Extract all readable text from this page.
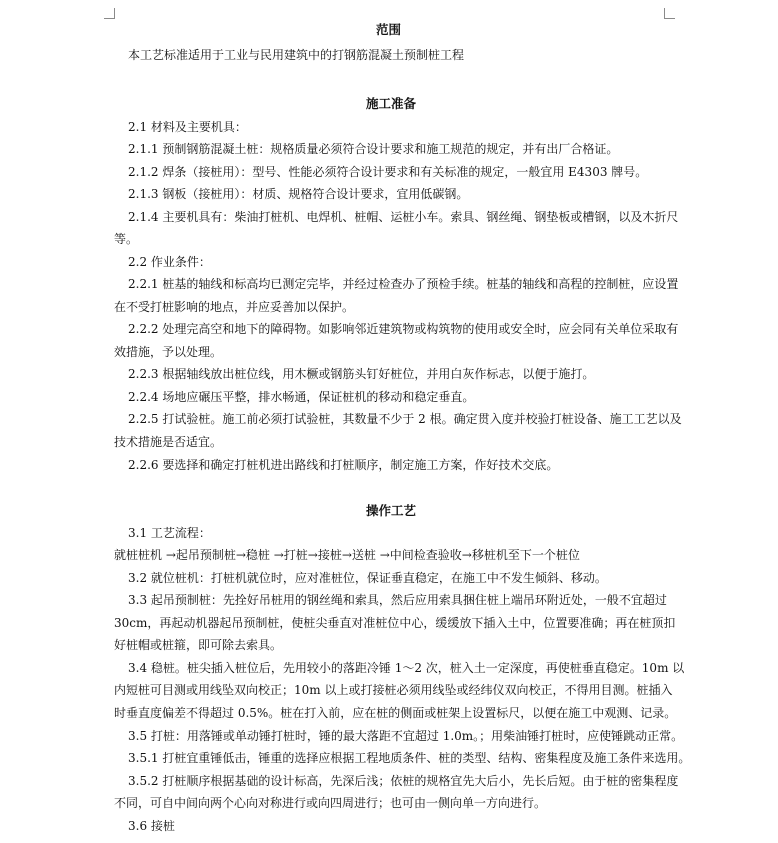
范围
本工艺标准适用于工业与民用建筑中的打钢筋混凝土预制桩工程
施工准备
2.1 材料及主要机具：
2.1.1 预制钢筋混凝土桩：规格质量必须符合设计要求和施工规范的规定，并有出厂合格证。
2.1.2 焊条（接桩用）：型号、性能必须符合设计要求和有关标准的规定，一般宜用 E4303 牌号。
2.1.3 钢板（接桩用）：材质、规格符合设计要求，宜用低碳钢。
2.1.4 主要机具有：柴油打桩机、电焊机、桩帽、运桩小车。索具、钢丝绳、钢垫板或槽钢，以及木折尺
等。
2.2 作业条件：
2.2.1 桩基的轴线和标高均已测定完毕，并经过检查办了预检手续。桩基的轴线和高程的控制桩，应设置
在不受打桩影响的地点，并应妥善加以保护。
2.2.2 处理完高空和地下的障碍物。如影响邻近建筑物或构筑物的使用或安全时，应会同有关单位采取有
效措施，予以处理。
2.2.3 根据轴线放出桩位线，用木橛或钢筋头钉好桩位，并用白灰作标志，以便于施打。
2.2.4 场地应碾压平整，排水畅通，保证桩机的移动和稳定垂直。
2.2.5 打试验桩。施工前必须打试验桩，其数量不少于 2 根。确定贯入度并校验打桩设备、施工工艺以及
技术措施是否适宜。
2.2.6 要选择和确定打桩机进出路线和打桩顺序，制定施工方案，作好技术交底。
操作工艺
3.1 工艺流程：
就桩桩机 →起吊预制桩→稳桩 →打桩→接桩→送桩 →中间检查验收→移桩机至下一个桩位
3.2 就位桩机：打桩机就位时，应对准桩位，保证垂直稳定，在施工中不发生倾斜、移动。
3.3 起吊预制桩：先拴好吊桩用的钢丝绳和索具，然后应用索具捆住桩上端吊环附近处，一般不宜超过
30cm，再起动机器起吊预制桩，使桩尖垂直对准桩位中心，缓缓放下插入土中，位置要准确；再在桩顶扣
好桩帽或桩箍，即可除去索具。
3.4 稳桩。桩尖插入桩位后，先用较小的落距冷锤 1～2 次，桩入土一定深度，再使桩垂直稳定。10m 以
内短桩可目测或用线坠双向校正；10m 以上或打接桩必须用线坠或经纬仪双向校正，不得用目测。桩插入
时垂直度偏差不得超过 0.5%。桩在打入前，应在桩的侧面或桩架上设置标尺，以便在施工中观测、记录。
3.5 打桩：用落锤或单动锤打桩时，锤的最大落距不宜超过 1.0m。；用柴油锤打桩时，应使锤跳动正常。
3.5.1 打桩宜重锤低击，锤重的选择应根据工程地质条件、桩的类型、结构、密集程度及施工条件来选用。
3.5.2 打桩顺序根据基础的设计标高，先深后浅；依桩的规格宜先大后小，先长后短。由于桩的密集程度
不同，可自中间向两个心向对称进行或向四周进行；也可由一侧向单一方向进行。
3.6 接桩
